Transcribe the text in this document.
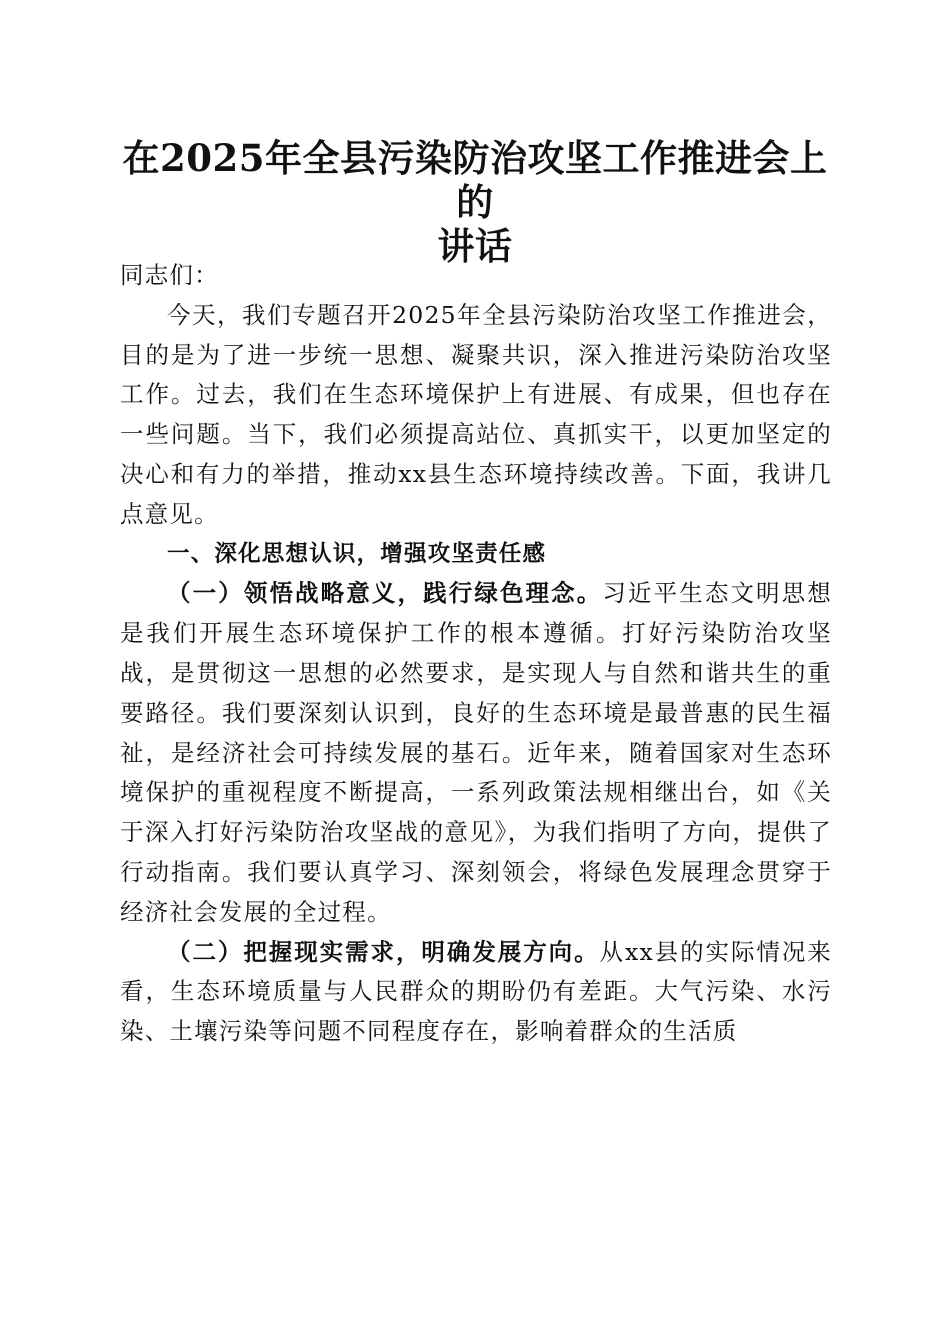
在2025年全县污染防治攻坚工作推进会上的
讲话

同志们：

今天，我们专题召开2025年全县污染防治攻坚工作推进会，目的是为了进一步统一思想、凝聚共识，深入推进污染防治攻坚工作。过去，我们在生态环境保护上有进展、有成果，但也存在一些问题。当下，我们必须提高站位、真抓实干，以更加坚定的决心和有力的举措，推动xx县生态环境持续改善。下面，我讲几点意见。

一、深化思想认识，增强攻坚责任感

（一）领悟战略意义，践行绿色理念。习近平生态文明思想是我们开展生态环境保护工作的根本遵循。打好污染防治攻坚战，是贯彻这一思想的必然要求，是实现人与自然和谐共生的重要路径。我们要深刻认识到，良好的生态环境是最普惠的民生福祉，是经济社会可持续发展的基石。近年来，随着国家对生态环境保护的重视程度不断提高，一系列政策法规相继出台，如《关于深入打好污染防治攻坚战的意见》，为我们指明了方向，提供了行动指南。我们要认真学习、深刻领会，将绿色发展理念贯穿于经济社会发展的全过程。

（二）把握现实需求，明确发展方向。从xx县的实际情况来看，生态环境质量与人民群众的期盼仍有差距。大气污染、水污染、土壤污染等问题不同程度存在，影响着群众的生活质
